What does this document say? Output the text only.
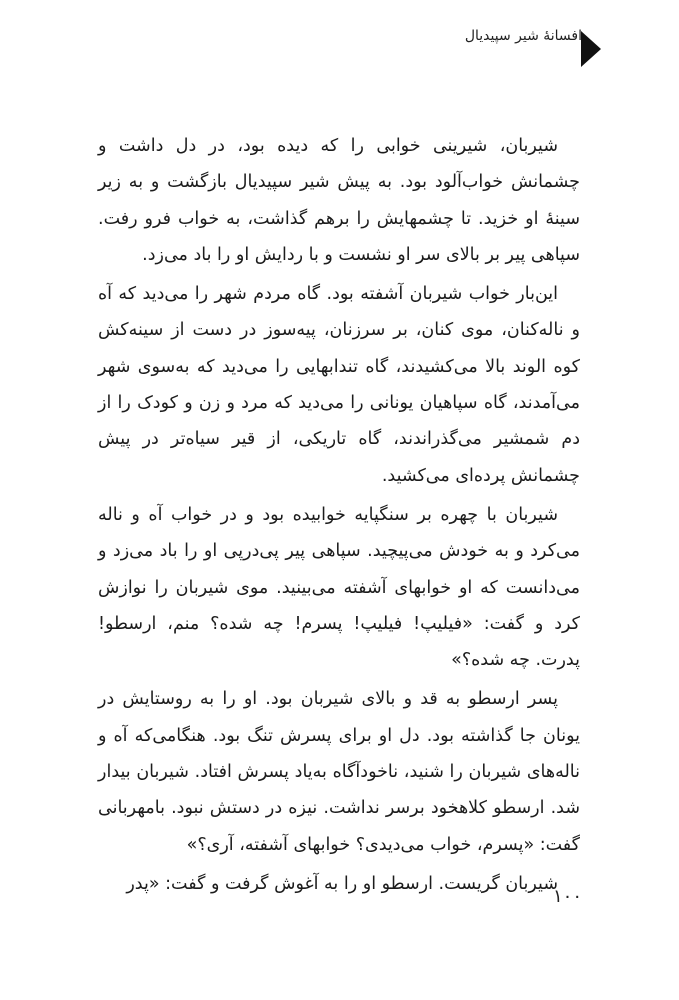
افسانهٔ شیر سپیدیال

شیربان، شیرینی خوابی را که دیده بود، در دل داشت و چشمانش خواب‌آلود بود. به پیش شیر سپیدیال بازگشت و به زیر سینهٔ او خزید. تا چشمهایش را برهم گذاشت، به خواب فرو رفت. سپاهی پیر بر بالای سر او نشست و با ردایش او را باد می‌زد.

این‌بار خواب شیربان آشفته بود. گاه مردم شهر را می‌دید که آه و ناله‌کنان، موی کنان، بر سرزنان، پیه‌سوز در دست از سینه‌کش کوه الوند بالا می‌کشیدند، گاه تندابهایی را می‌دید که به‌سوی شهر می‌آمدند، گاه سپاهیان یونانی را می‌دید که مرد و زن و کودک را از دم شمشیر می‌گذراندند، گاه تاریکی، از قیر سیاه‌تر در پیش چشمانش پرده‌ای می‌کشید.

شیربان با چهره بر سنگپایه خوابیده بود و در خواب آه و ناله می‌کرد و به خودش می‌پیچید. سپاهی پیر پی‌درپی او را باد می‌زد و می‌دانست که او خوابهای آشفته می‌بینید. موی شیربان را نوازش کرد و گفت: «فیلیپ! فیلیپ! پسرم! چه شده؟ منم، ارسطو! پدرت. چه شده؟»

پسر ارسطو به قد و بالای شیربان بود. او را به روستایش در یونان جا گذاشته بود. دل او برای پسرش تنگ بود. هنگامی‌که آه و ناله‌های شیربان را شنید، ناخودآگاه به‌یاد پسرش افتاد. شیربان بیدار شد. ارسطو کلاهخود برسر نداشت. نیزه در دستش نبود. بامهربانی گفت: «پسرم، خواب می‌دیدی؟ خوابهای آشفته، آری؟»

شیربان گریست. ارسطو او را به آغوش گرفت و گفت: «پدر

۱۰۰
